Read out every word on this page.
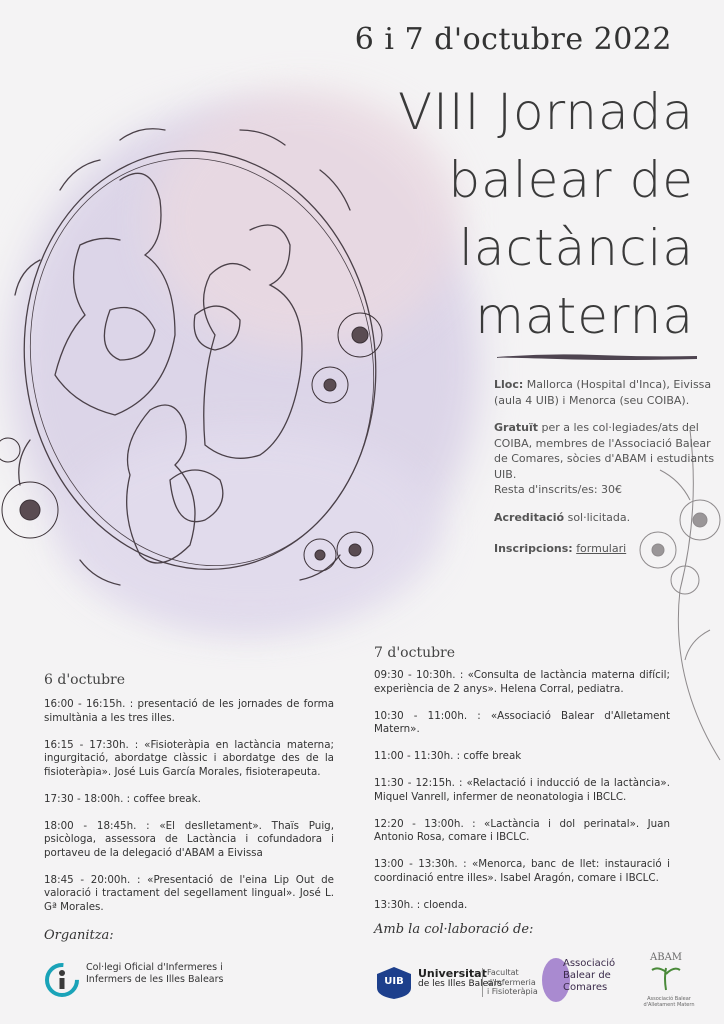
6 i 7 d'octubre 2022
VIII Jornada
balear de
lactància
materna

Lloc: Mallorca (Hospital d'Inca), Eivissa (aula 4 UIB) i Menorca (seu COIBA).

Gratuït per a les col·legiades/ats del COIBA, membres de l'Associació Balear de Comares, sòcies d'ABAM i estudiants UIB.
Resta d'inscrits/es: 30€

Acreditació sol·licitada.

Inscripcions: formulari

7 d'octubre
09:30 - 10:30h. : «Consulta de lactància materna difícil; experiència de 2 anys». Helena Corral, pediatra.
10:30 - 11:00h. : «Associació Balear d'Alletament Matern».
11:00 - 11:30h. : coffe break
11:30 - 12:15h. : «Relactació i inducció de la lactància». Miquel Vanrell, infermer de neonatologia i IBCLC.
12:20 - 13:00h. : «Lactància i dol perinatal». Juan Antonio Rosa, comare i IBCLC.
13:00 - 13:30h. : «Menorca, banc de llet: instauració i coordinació entre illes». Isabel Aragón, comare i IBCLC.
13:30h. : cloenda.
6 d'octubre
16:00 - 16:15h. : presentació de les jornades de forma simultània a les tres illes.
16:15 - 17:30h. : «Fisioteràpia en lactància materna; ingurgitació, abordatge clàssic i abordatge des de la fisioteràpia». José Luis García Morales, fisioterapeuta.
17:30 - 18:00h. : coffee break.
18:00 - 18:45h. : «El deslletament». Thaïs Puig, psicòloga, assessora de Lactància i cofundadora i portaveu de la delegació d'ABAM a Eivissa
18:45 - 20:00h. : «Presentació de l'eina Lip Out de valoració i tractament del segellament lingual». José L. Gª Morales.
Organitza:
Col·legi Oficial d'Infermeres i Infermers de les Illes Balears
Amb la col·laboració de:
UIB
Universitat
de les Illes Balears
Facultat d'Infermeria i Fisioteràpia
Associació Balear de Comares
ABAM
Associació Balear d'Alletament Matern
